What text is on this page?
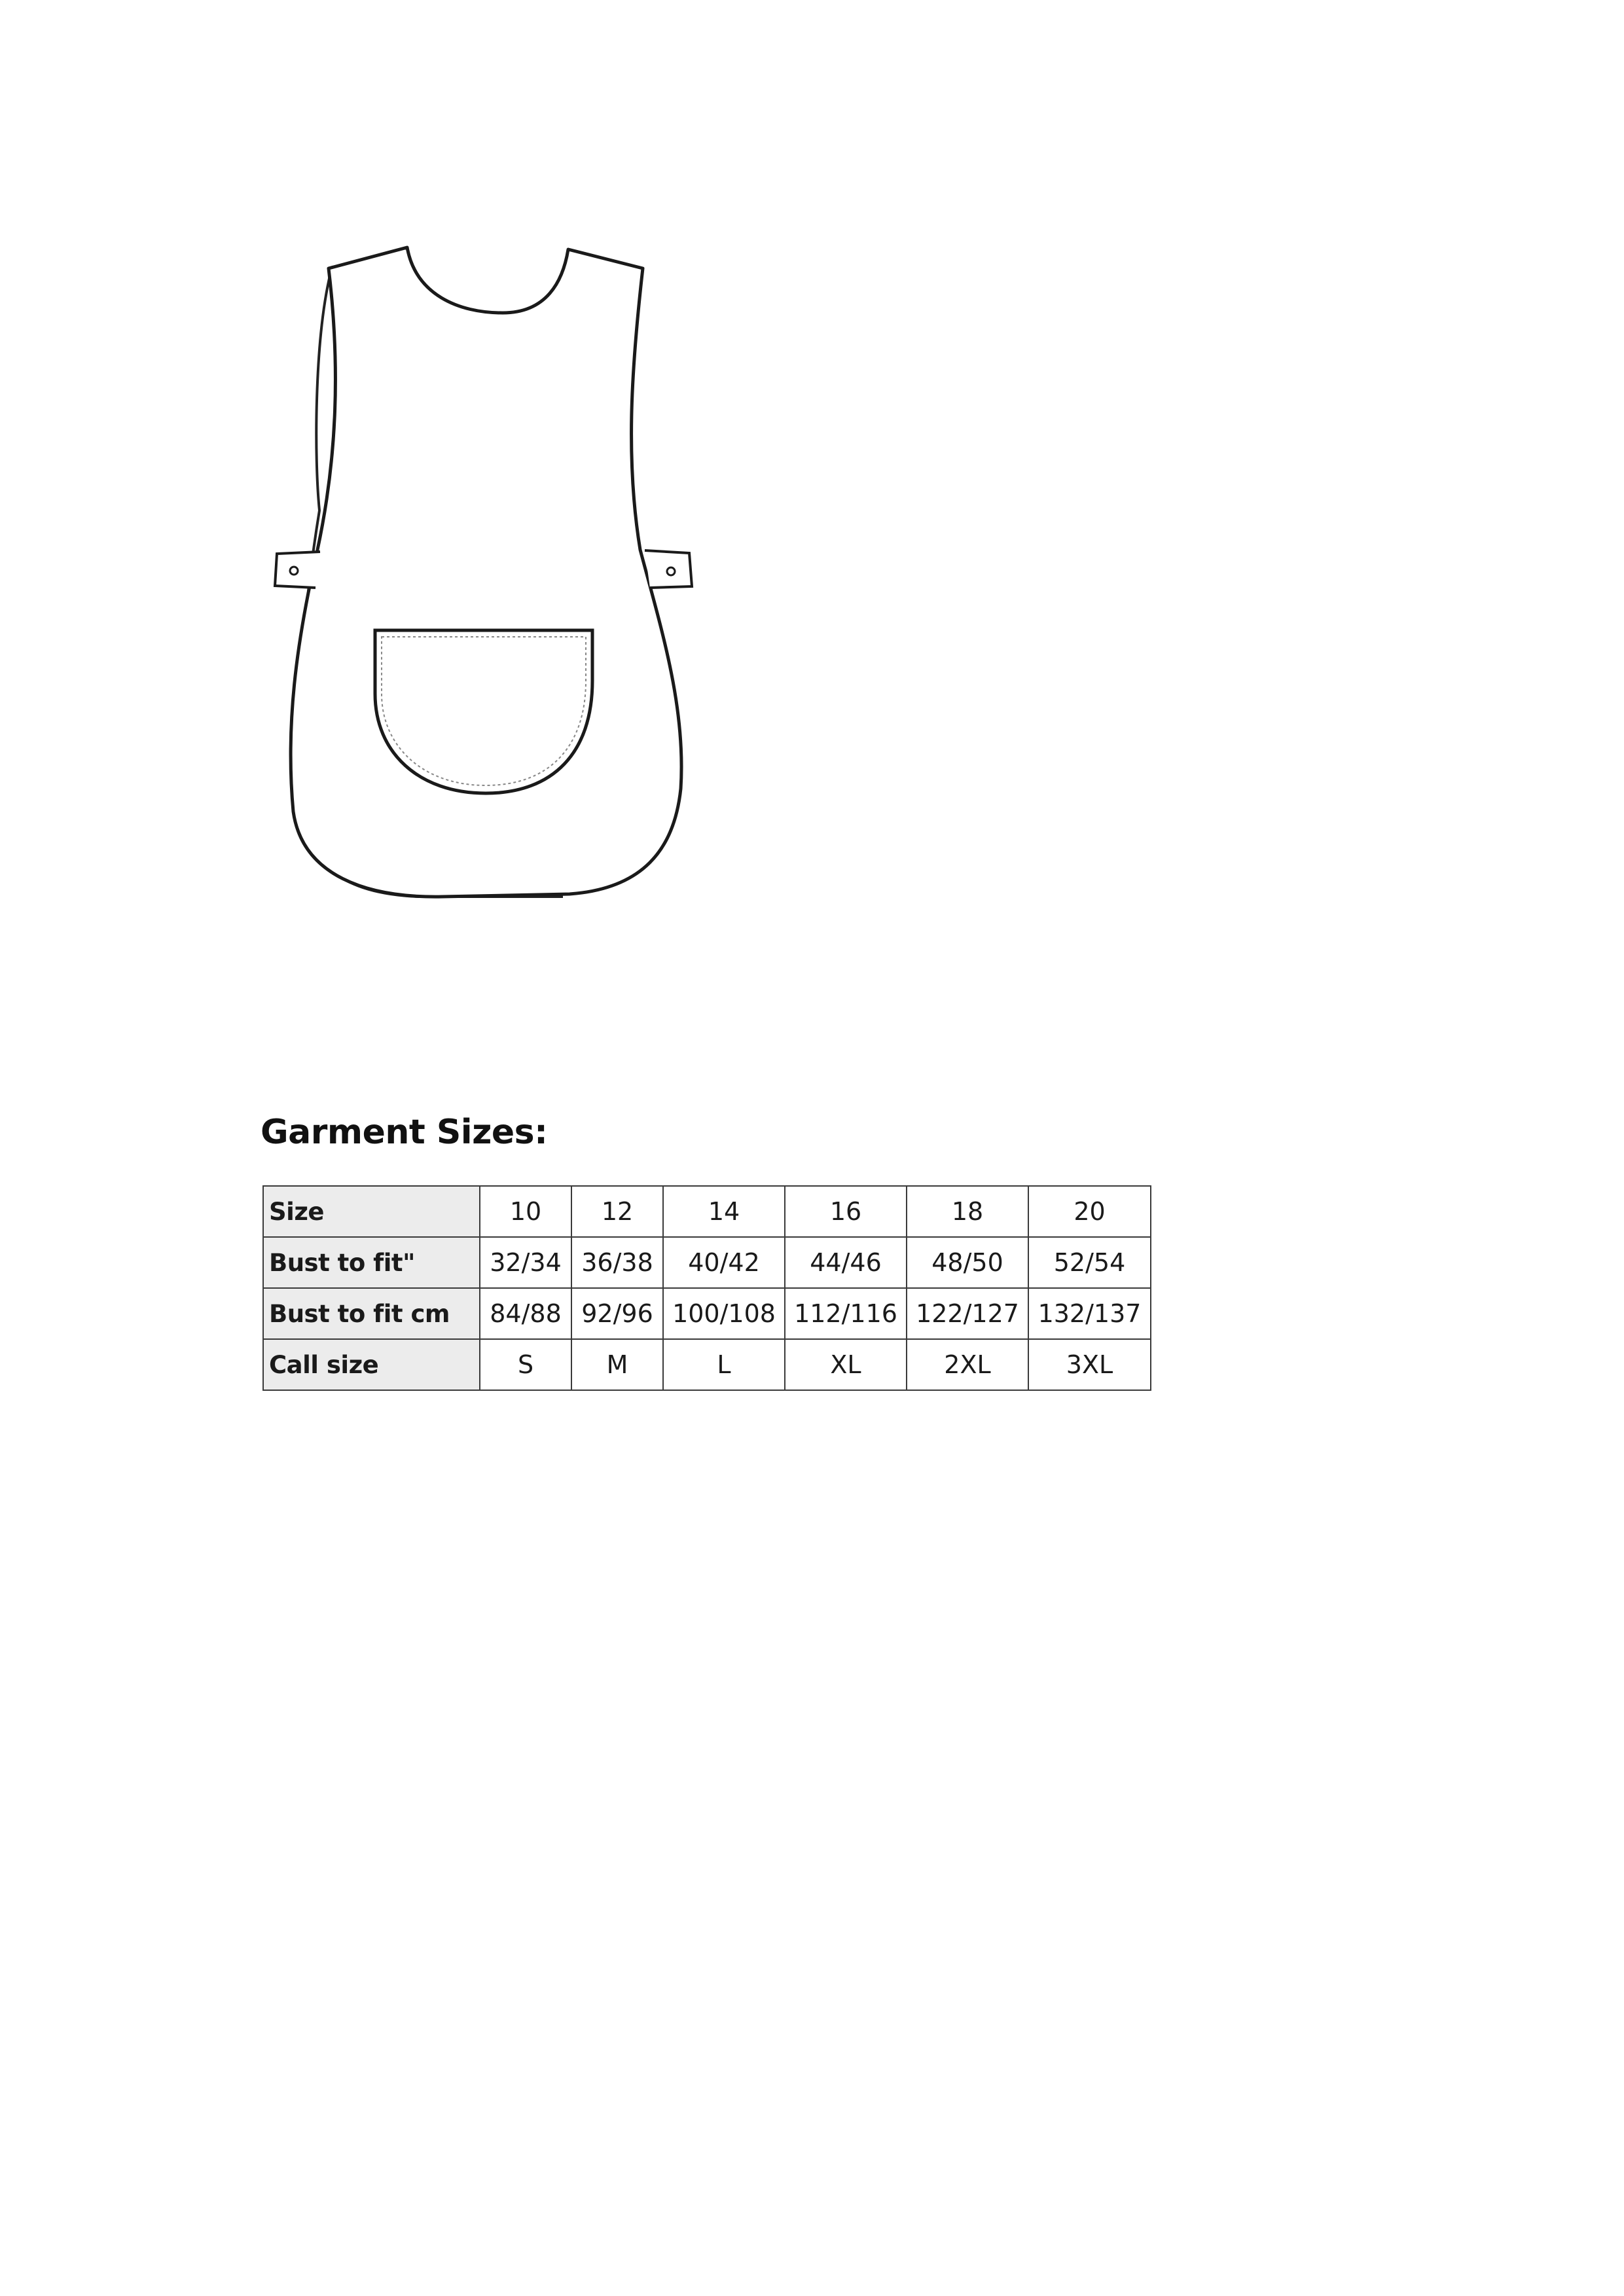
Garment Sizes:
Size	10	12	14	16	18	20
Bust to fit"	32/34	36/38	40/42	44/46	48/50	52/54
Bust to fit cm	84/88	92/96	100/108	112/116	122/127	132/137
Call size	S	M	L	XL	2XL	3XL
